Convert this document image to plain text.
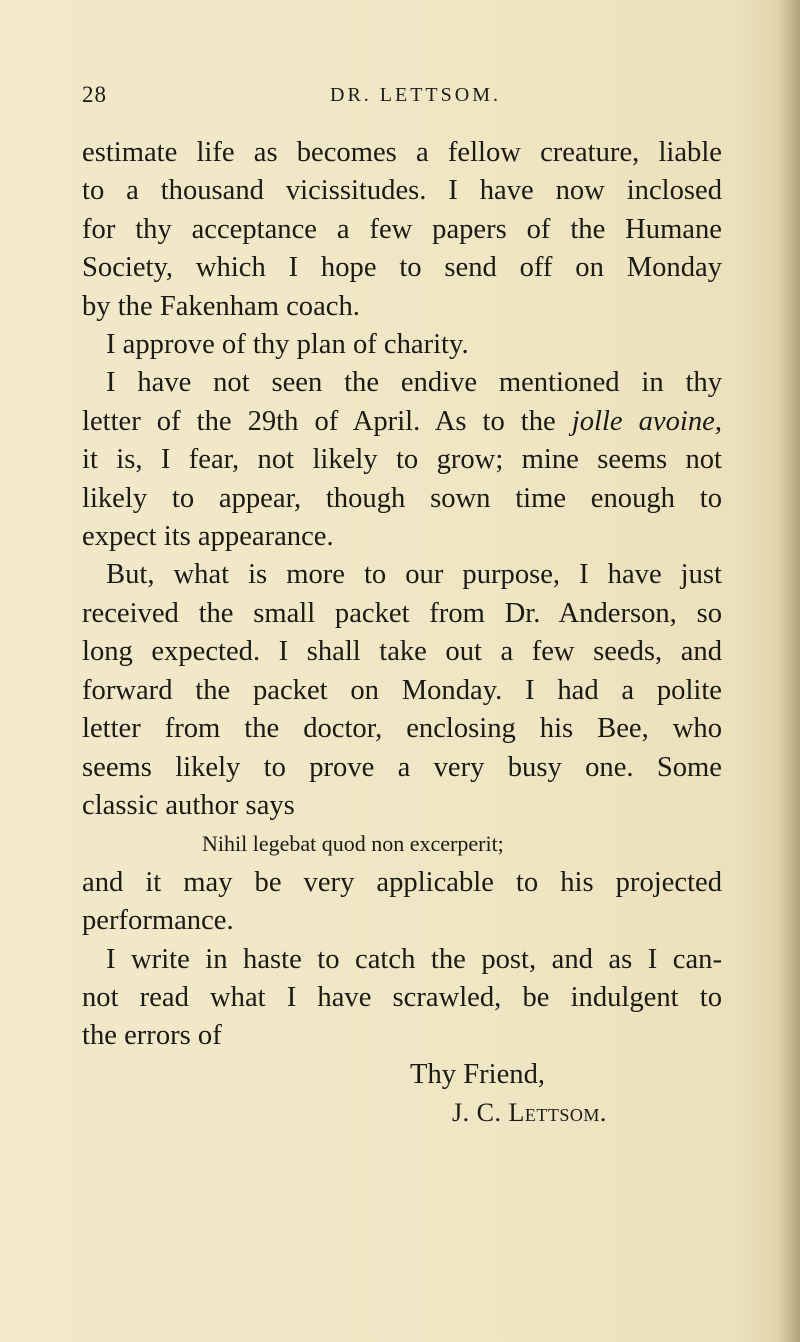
28	DR. LETTSOM.
estimate life as becomes a fellow creature, liable
to a thousand vicissitudes. I have now inclosed
for thy acceptance a few papers of the Humane
Society, which I hope to send off on Monday
by the Fakenham coach.
I approve of thy plan of charity.
I have not seen the endive mentioned in thy
letter of the 29th of April. As to the jolle avoine,
it is, I fear, not likely to grow; mine seems not
likely to appear, though sown time enough to
expect its appearance.
But, what is more to our purpose, I have just
received the small packet from Dr. Anderson, so
long expected. I shall take out a few seeds, and
forward the packet on Monday. I had a polite
letter from the doctor, enclosing his Bee, who
seems likely to prove a very busy one. Some
classic author says
Nihil legebat quod non excerperit;
and it may be very applicable to his projected
performance.
I write in haste to catch the post, and as I can-
not read what I have scrawled, be indulgent to
the errors of
Thy Friend,
J. C. Lettsom.
